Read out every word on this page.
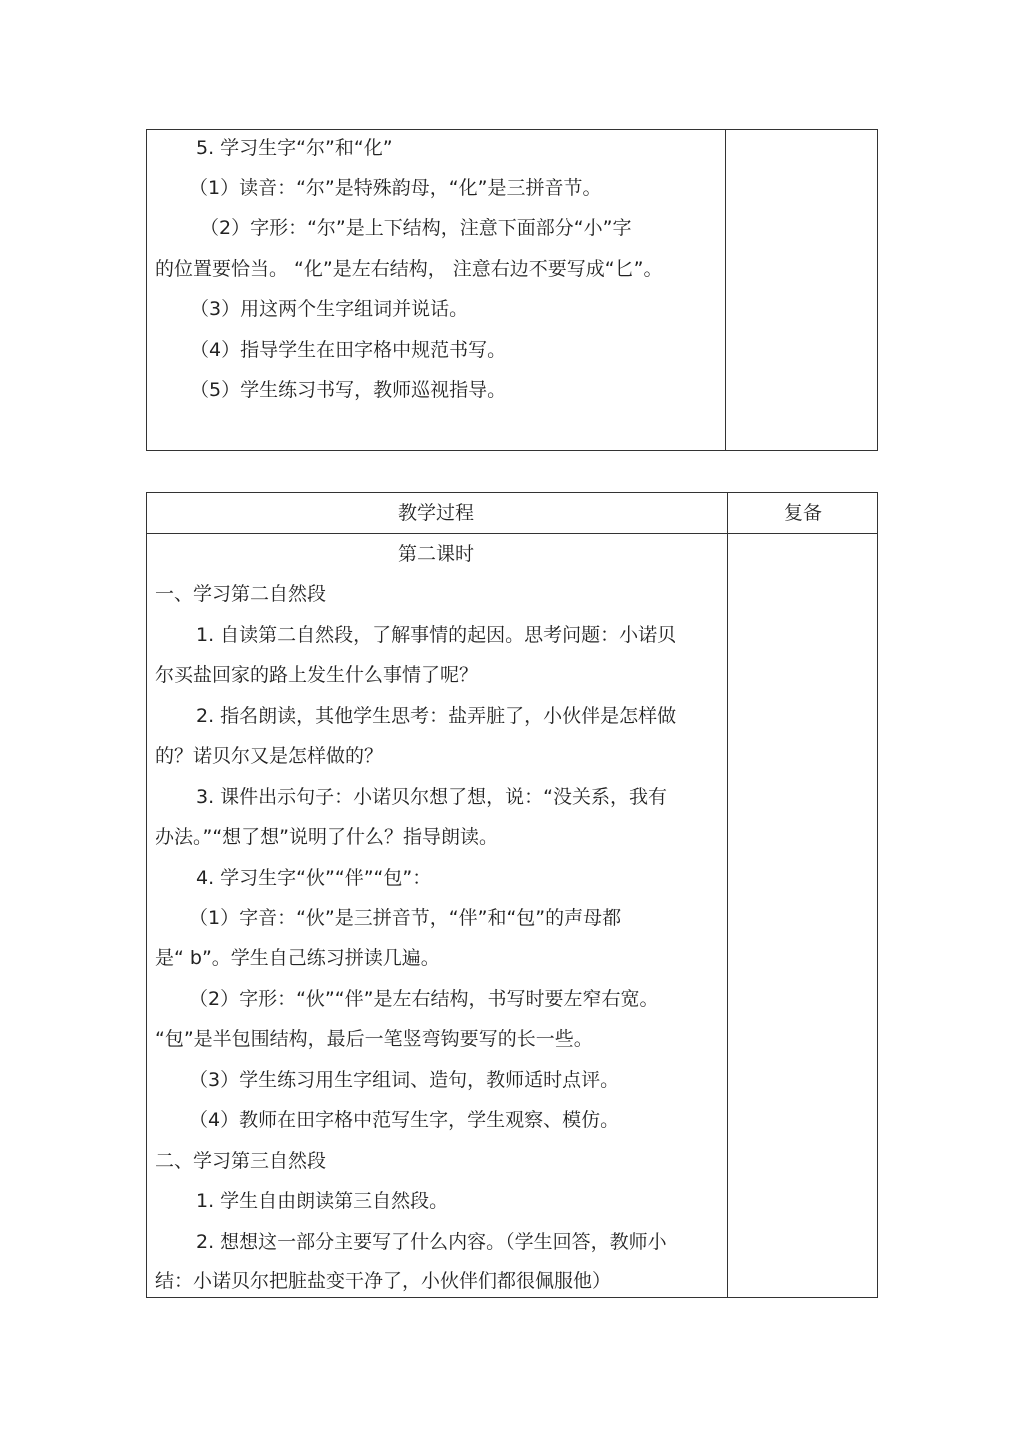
5. 学习生字“尔”和“化”
（1）读音：“尔”是特殊韵母，“化”是三拼音节。
（2）字形：“尔”是上下结构，注意下面部分“小”字
的位置要恰当。 “化”是左右结构， 注意右边不要写成“匕”。
（3）用这两个生字组词并说话。
（4）指导学生在田字格中规范书写。
（5）学生练习书写，教师巡视指导。
教学过程	复备
第二课时
一、学习第二自然段
1. 自读第二自然段，了解事情的起因。思考问题：小诺贝
尔买盐回家的路上发生什么事情了呢？
2. 指名朗读，其他学生思考：盐弄脏了，小伙伴是怎样做
的？诺贝尔又是怎样做的？
3. 课件出示句子：小诺贝尔想了想，说：“没关系，我有
办法。”“想了想”说明了什么？指导朗读。
4. 学习生字“伙”“伴”“包”：
（1）字音：“伙”是三拼音节，“伴”和“包”的声母都
是“ b”。学生自己练习拼读几遍。
（2）字形：“伙”“伴”是左右结构，书写时要左窄右宽。
“包”是半包围结构，最后一笔竖弯钩要写的长一些。
（3）学生练习用生字组词、造句，教师适时点评。
（4）教师在田字格中范写生字，学生观察、模仿。
二、学习第三自然段
1. 学生自由朗读第三自然段。
2. 想想这一部分主要写了什么内容。（学生回答，教师小
结：小诺贝尔把脏盐变干净了，小伙伴们都很佩服他）
